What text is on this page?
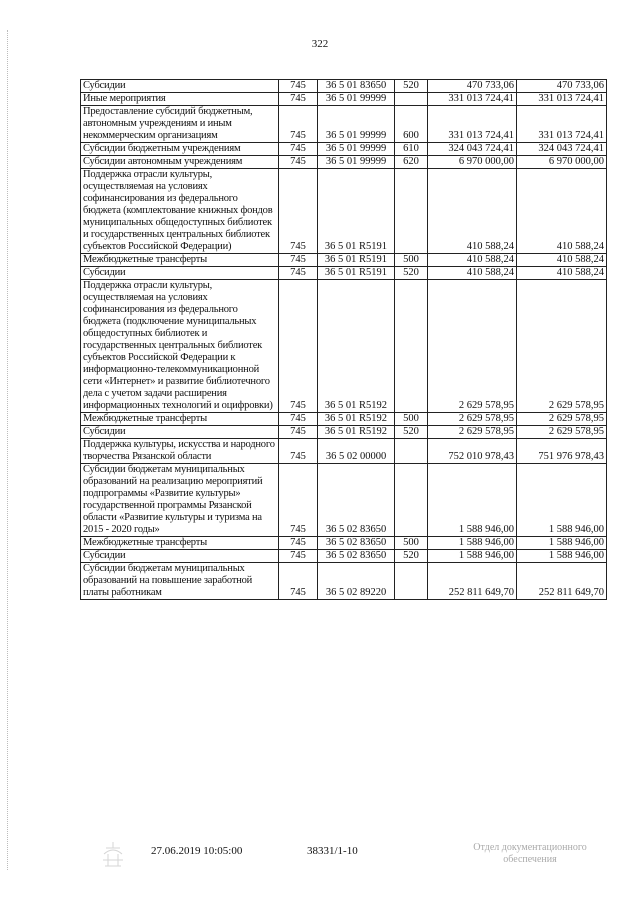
322
Субсидии	745	36 5 01 83650	520	470 733,06	470 733,06
Иные мероприятия	745	36 5 01 99999		331 013 724,41	331 013 724,41
Предоставление субсидий бюджетным, автономным учреждениям и иным некоммерческим организациям	745	36 5 01 99999	600	331 013 724,41	331 013 724,41
Субсидии бюджетным учреждениям	745	36 5 01 99999	610	324 043 724,41	324 043 724,41
Субсидии автономным учреждениям	745	36 5 01 99999	620	6 970 000,00	6 970 000,00
Поддержка отрасли культуры, осуществляемая на условиях софинансирования из федерального бюджета (комплектование книжных фондов муниципальных общедоступных библиотек и государственных центральных библиотек субъектов Российской Федерации)	745	36 5 01 R5191		410 588,24	410 588,24
Межбюджетные трансферты	745	36 5 01 R5191	500	410 588,24	410 588,24
Субсидии	745	36 5 01 R5191	520	410 588,24	410 588,24
Поддержка отрасли культуры, осуществляемая на условиях софинансирования из федерального бюджета (подключение муниципальных общедоступных библиотек и государственных центральных библиотек субъектов Российской Федерации к информационно-телекоммуникационной сети «Интернет» и развитие библиотечного дела с учетом задачи расширения информационных технологий и оцифровки)	745	36 5 01 R5192		2 629 578,95	2 629 578,95
Межбюджетные трансферты	745	36 5 01 R5192	500	2 629 578,95	2 629 578,95
Субсидии	745	36 5 01 R5192	520	2 629 578,95	2 629 578,95
Поддержка культуры, искусства и народного творчества Рязанской области	745	36 5 02 00000		752 010 978,43	751 976 978,43
Субсидии бюджетам муниципальных образований на реализацию мероприятий подпрограммы «Развитие культуры» государственной программы Рязанской области «Развитие культуры и туризма на 2015 - 2020 годы»	745	36 5 02 83650		1 588 946,00	1 588 946,00
Межбюджетные трансферты	745	36 5 02 83650	500	1 588 946,00	1 588 946,00
Субсидии	745	36 5 02 83650	520	1 588 946,00	1 588 946,00
Субсидии бюджетам муниципальных образований на повышение заработной платы работникам	745	36 5 02 89220		252 811 649,70	252 811 649,70
27.06.2019 10:05:00	38331/1-10	Отдел документационного обеспечения
